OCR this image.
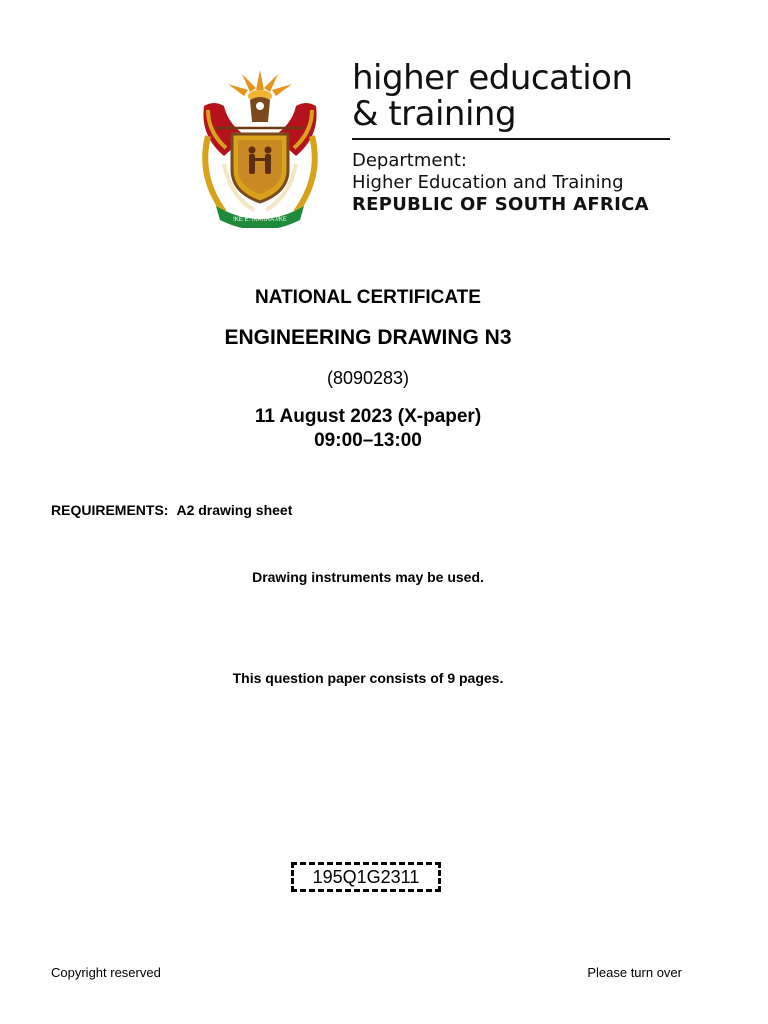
!KE E: /XARRA //KE
higher education
& training
Department:
Higher Education and Training
REPUBLIC OF SOUTH AFRICA
NATIONAL CERTIFICATE
ENGINEERING DRAWING N3
(8090283)
11 August 2023 (X-paper)
09:00–13:00
REQUIREMENTS: A2 drawing sheet
Drawing instruments may be used.
This question paper consists of 9 pages.
195Q1G2311
Copyright reserved	Please turn over
